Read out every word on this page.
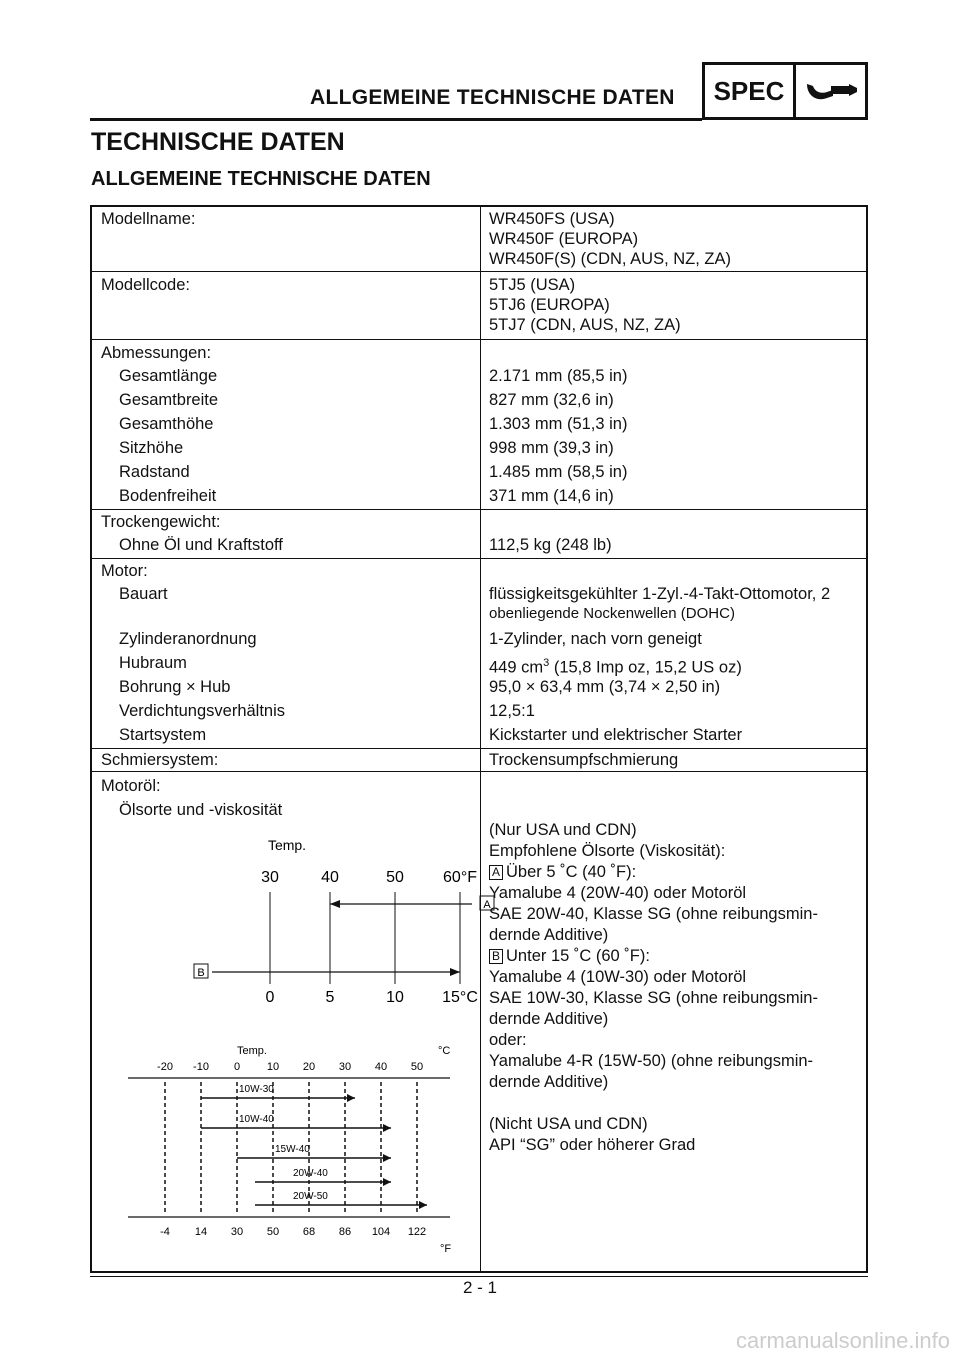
ALLGEMEINE TECHNISCHE DATEN	SPEC
TECHNISCHE DATEN
ALLGEMEINE TECHNISCHE DATEN
Modellname:	WR450FS (USA)
WR450F (EUROPA)
WR450F(S) (CDN, AUS, NZ, ZA)
Modellcode:	5TJ5 (USA)
5TJ6 (EUROPA)
5TJ7 (CDN, AUS, NZ, ZA)
Abmessungen:
Gesamtlänge	2.171 mm (85,5 in)
Gesamtbreite	827 mm (32,6 in)
Gesamthöhe	1.303 mm (51,3 in)
Sitzhöhe	998 mm (39,3 in)
Radstand	1.485 mm (58,5 in)
Bodenfreiheit	371 mm (14,6 in)
Trockengewicht:
Ohne Öl und Kraftstoff	112,5 kg (248 lb)
Motor:
Bauart	flüssigkeitsgekühlter 1-Zyl.-4-Takt-Ottomotor, 2
obenliegende Nockenwellen (DOHC)
Zylinderanordnung	1-Zylinder, nach vorn geneigt
Hubraum	449 $cm^3$ (15,8 Imp oz, 15,2 US oz)
Bohrung × Hub	95,0 × 63,4 mm (3,74 × 2,50 in)
Verdichtungsverhältnis	12,5:1
Startsystem	Kickstarter und elektrischer Starter
Schmiersystem:	Trockensumpfschmierung
Motoröl:
Ölsorte und -viskosität
(Nur USA und CDN)
Empfohlene Ölsorte (Viskosität):
A Über 5 ˚C (40 ˚F):
Yamalube 4 (20W-40) oder Motoröl
SAE 20W-40, Klasse SG (ohne reibungsmin-
dernde Additive)
B Unter 15 ˚C (60 ˚F):
Yamalube 4 (10W-30) oder Motoröl
SAE 10W-30, Klasse SG (ohne reibungsmin-
dernde Additive)
oder:
Yamalube 4-R (15W-50) (ohne reibungsmin-
dernde Additive)
(Nicht USA und CDN)
API “SG” oder höherer Grad
Temp.
30	40	50 60°F
0	5	10 15°C
A
B
Temp.	°C
-20 -10 0 10 20 30 40 50
-4 14 30 50 68 86 104 122
°F
10W-30
10W-40
15W-40
20W-40
20W-50
2 - 1
carmanualsonline.info
